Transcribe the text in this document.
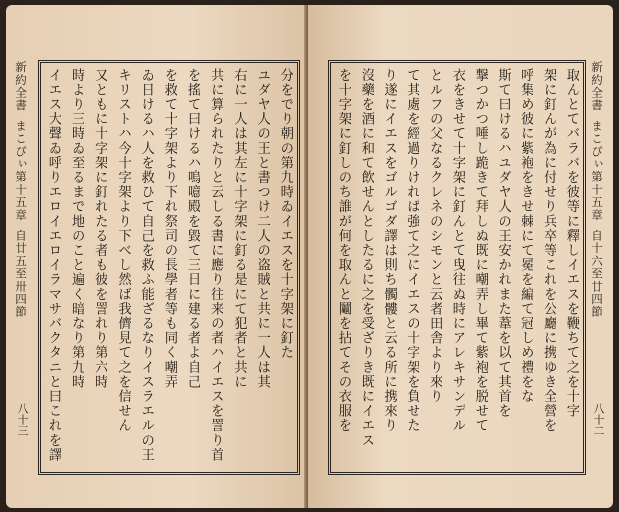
新約全書まこぴぃ第十五章自廿五至卅四節
八十三
分をでり朝の第九時ゐイエスを十字架に釘た
ユダヤ人の王と書つけ二人の盗賊と共に一人は其
右に一人は其左に十字架に釘る是にて犯者と共に
共に算られたりと云しる書に應り往来の者ハイエスを詈り首
を搖て曰けるハ嗚噫殿を毀て三日に建る者よ自己
を救て十字架より下れ祭司の長學者等も同く嘲弄
ゐ日けるハ人を救ひて自己を救ふ能ざるなりイスラエルの王
キリストハ今十字架より下べし然ば我儕見て之を信せん
又ともに十字架に釘れたる者も彼を詈れり第六時
時より三時ゐ至るまで地のこと遍く暗なり第九時
イエス大聲ゐ呼りエロイエロイラマサバクタニと曰これを譯	取んとてバラバを彼等に釋しイエスを鞭ちて之を十字
架に釘んが為に付せり兵卒等これを公廳に携ゆき全營を
呼集め彼に紫袍をきせ棘にて冕を編て冠しめ禮をな
斯て曰けるハユダヤ人の王安かれまた葦を以て其首を
撃つかつ唾し跪きて拜しぬ既に嘲弄し畢て紫袍を脱せて
衣をきせて十字架に釘んとて曳往ぬ時にアレキサンデル
とルフの父なるクレネのシモンと云者田舎より來り
て其處を經過りければ強て之にイエスの十字架を負せた
り遂にイエスをゴルゴダ譯は則ち髑髏と云る所に携來り
沒藥を酒に和て飲せんとしたるに之を受ざりき既にイエス
を十字架に釘しのち誰が何を取んと鬮を拈てその衣服を	新約全書まこぴぃ第十五章自十六至廿四節
八十二
